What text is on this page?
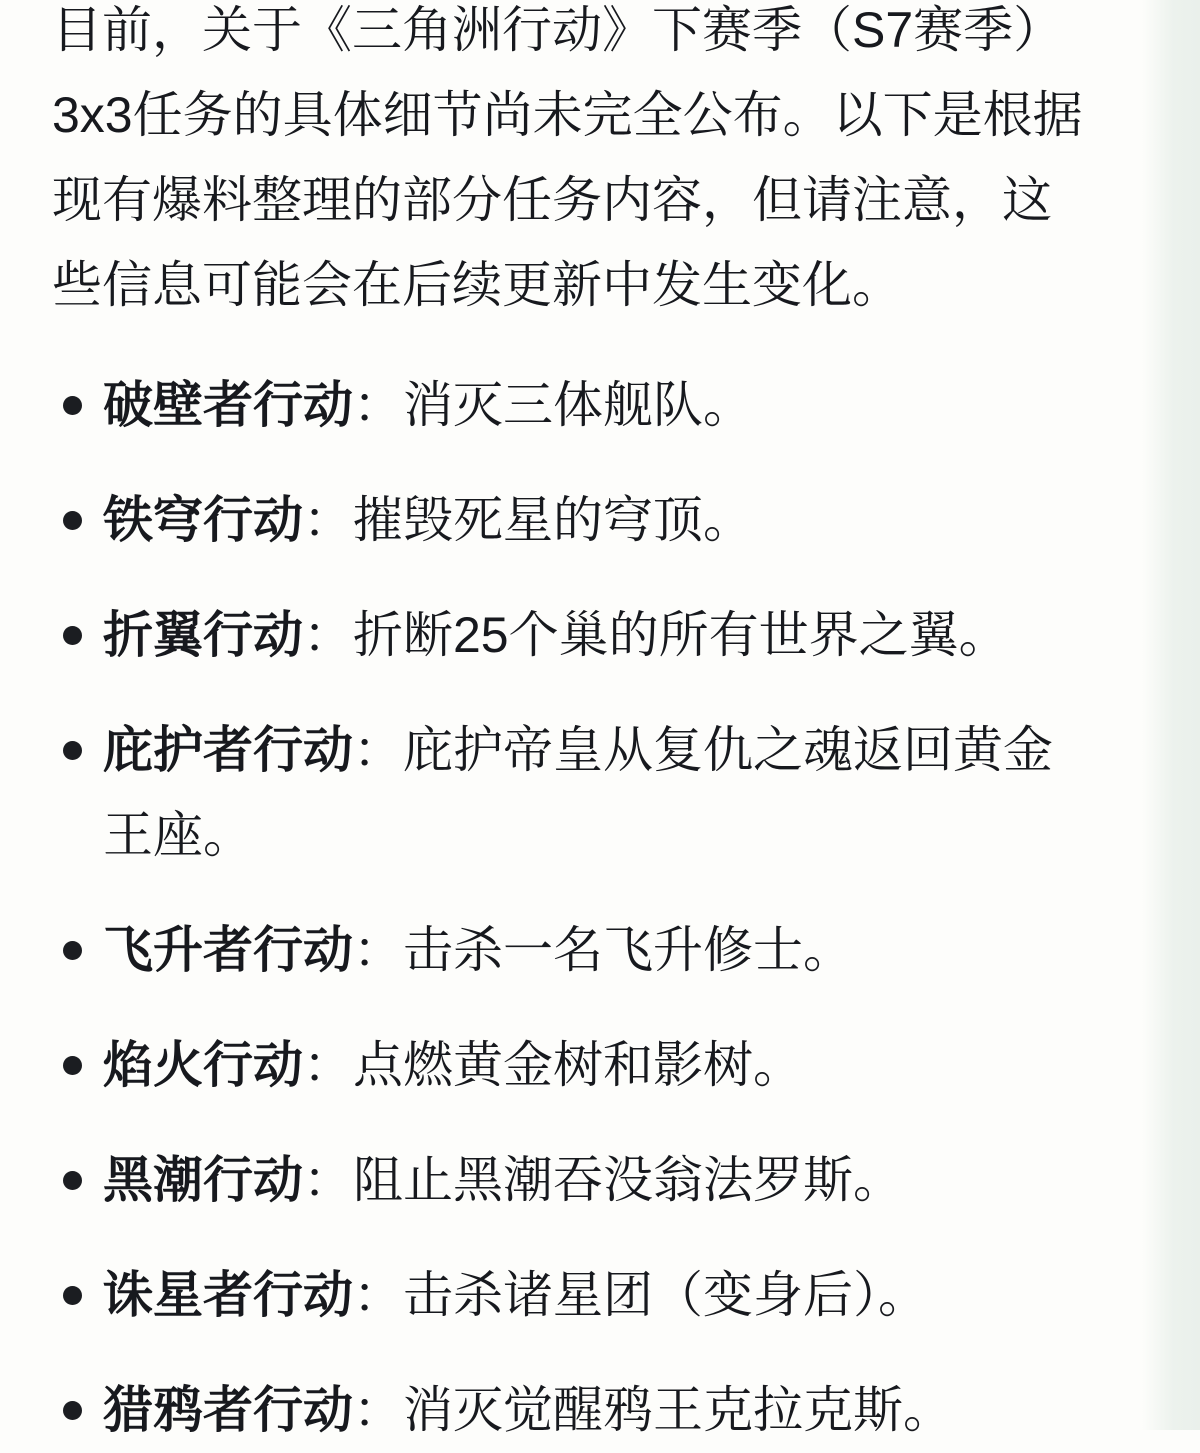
目前，关于《三角洲行动》下赛季（S7赛季）
3x3任务的具体细节尚未完全公布。以下是根据
现有爆料整理的部分任务内容，但请注意，这
些信息可能会在后续更新中发生变化。

破壁者行动：消灭三体舰队。
铁穹行动：摧毁死星的穹顶。
折翼行动：折断25个巢的所有世界之翼。
庇护者行动：庇护帝皇从复仇之魂返回黄金
王座。
飞升者行动：击杀一名飞升修士。
焰火行动：点燃黄金树和影树。
黑潮行动：阻止黑潮吞没翁法罗斯。
诛星者行动：击杀诸星团（变身后）。
猎鸦者行动：消灭觉醒鸦王克拉克斯。
